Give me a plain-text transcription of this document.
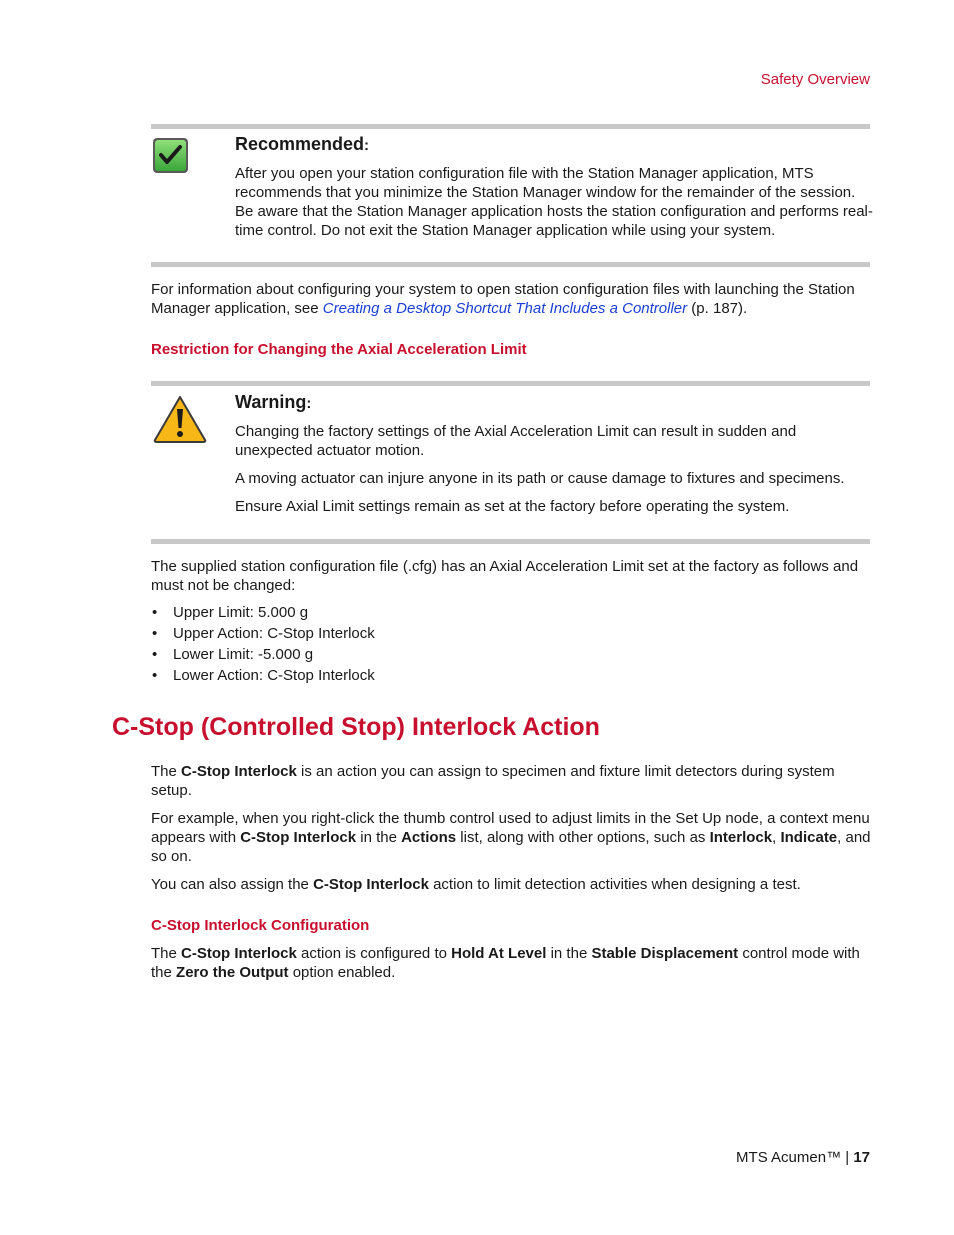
Safety Overview
Recommended:

After you open your station configuration file with the Station Manager application, MTS recommends that you minimize the Station Manager window for the remainder of the session. Be aware that the Station Manager application hosts the station configuration and performs real-time control. Do not exit the Station Manager application while using your system.

For information about configuring your system to open station configuration files with launching the Station Manager application, see Creating a Desktop Shortcut That Includes a Controller (p. 187).

Restriction for Changing the Axial Acceleration Limit
Warning:

Changing the factory settings of the Axial Acceleration Limit can result in sudden and unexpected actuator motion.

A moving actuator can injure anyone in its path or cause damage to fixtures and specimens.

Ensure Axial Limit settings remain as set at the factory before operating the system.

The supplied station configuration file (.cfg) has an Axial Acceleration Limit set at the factory as follows and must not be changed:

• Upper Limit: 5.000 g
• Upper Action: C-Stop Interlock
• Lower Limit: -5.000 g
• Lower Action: C-Stop Interlock
C-Stop (Controlled Stop) Interlock Action

The C-Stop Interlock is an action you can assign to specimen and fixture limit detectors during system setup.

For example, when you right-click the thumb control used to adjust limits in the Set Up node, a context menu appears with C-Stop Interlock in the Actions list, along with other options, such as Interlock, Indicate, and so on.

You can also assign the C-Stop Interlock action to limit detection activities when designing a test.

C-Stop Interlock Configuration

The C-Stop Interlock action is configured to Hold At Level in the Stable Displacement control mode with the Zero the Output option enabled.

MTS Acumen™ | 17
